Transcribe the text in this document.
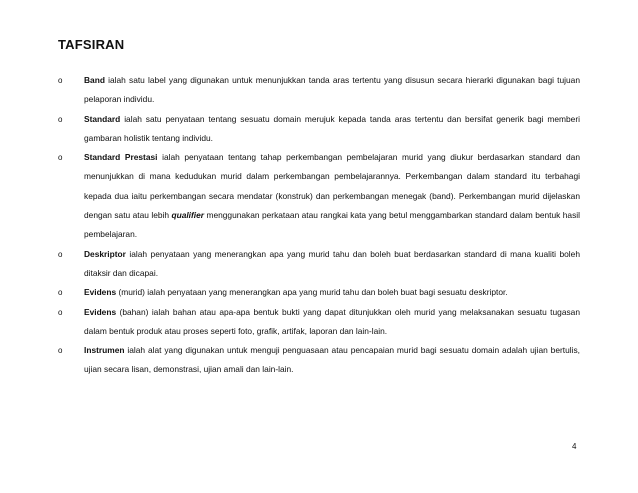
TAFSIRAN
o	Band ialah satu label yang digunakan untuk menunjukkan tanda aras tertentu yang disusun secara hierarki digunakan bagi tujuan pelaporan individu.
o	Standard ialah satu penyataan tentang sesuatu domain merujuk kepada tanda aras tertentu dan bersifat generik bagi memberi gambaran holistik tentang individu.
o	Standard Prestasi ialah penyataan tentang tahap perkembangan pembelajaran murid yang diukur berdasarkan standard dan menunjukkan di mana kedudukan murid dalam perkembangan pembelajarannya. Perkembangan dalam standard itu terbahagi kepada dua iaitu perkembangan secara mendatar (konstruk) dan perkembangan menegak (band). Perkembangan murid dijelaskan dengan satu atau lebih qualifier menggunakan perkataan atau rangkai kata yang betul menggambarkan standard dalam bentuk hasil pembelajaran.
o	Deskriptor ialah penyataan yang menerangkan apa yang murid tahu dan boleh buat berdasarkan standard di mana kualiti boleh ditaksir dan dicapai.
o	Evidens (murid) ialah penyataan yang menerangkan apa yang murid tahu dan boleh buat bagi sesuatu deskriptor.
o	Evidens (bahan) ialah bahan atau apa-apa bentuk bukti yang dapat ditunjukkan oleh murid yang melaksanakan sesuatu tugasan dalam bentuk produk atau proses seperti foto, grafik, artifak, laporan dan lain-lain.
o	Instrumen ialah alat yang digunakan untuk menguji penguasaan atau pencapaian murid bagi sesuatu domain adalah ujian bertulis, ujian secara lisan, demonstrasi, ujian amali dan lain-lain.
4
